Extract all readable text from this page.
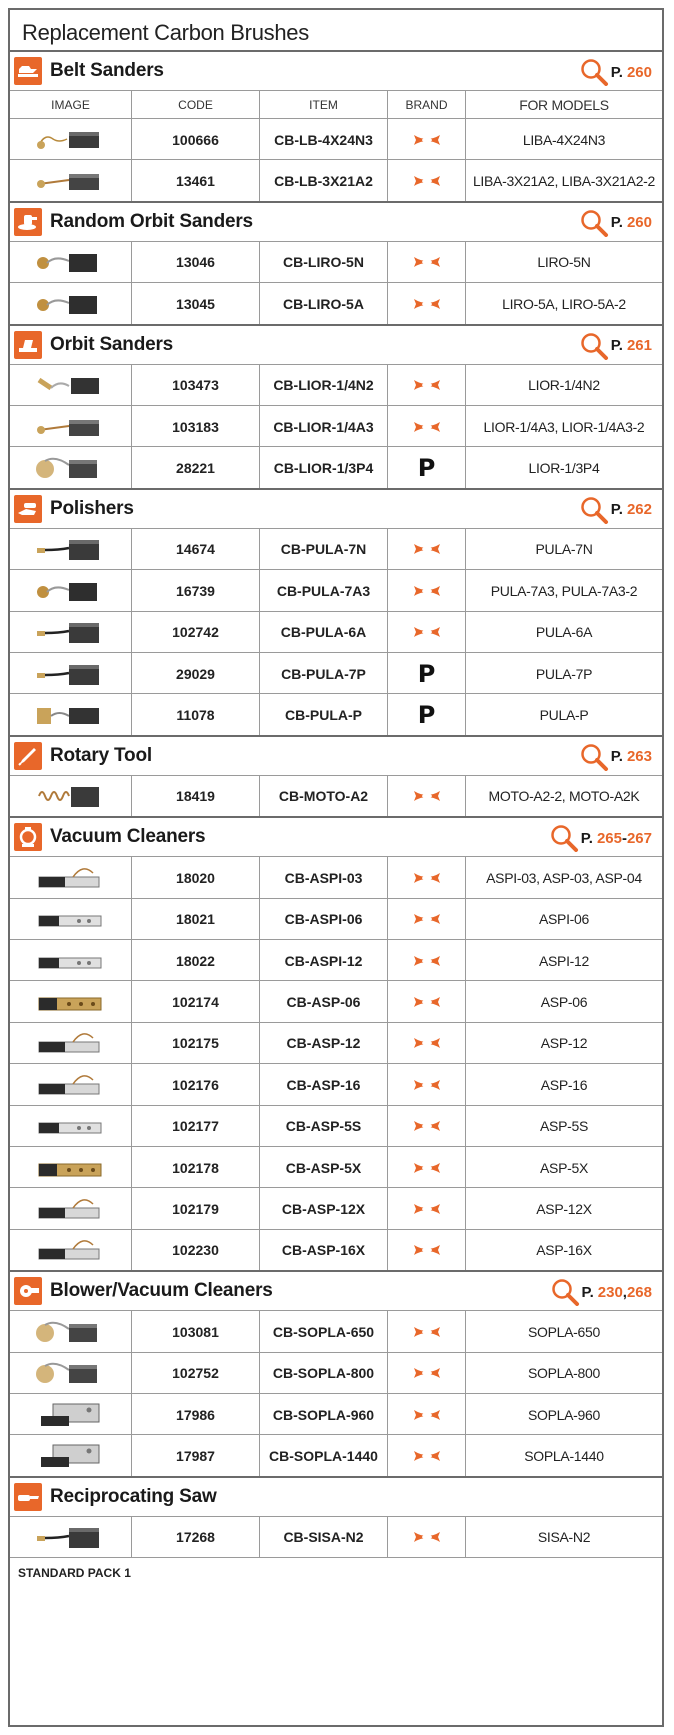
Replacement Carbon Brushes
Belt Sanders	P. 260
IMAGE	CODE	ITEM	BRAND	FOR MODELS
100666	CB-LB-4X24N3	LIBA-4X24N3
13461	CB-LB-3X21A2	LIBA-3X21A2, LIBA-3X21A2-2
Random Orbit Sanders	P. 260
13046	CB-LIRO-5N	LIRO-5N
13045	CB-LIRO-5A	LIRO-5A, LIRO-5A-2
Orbit Sanders	P. 261
103473	CB-LIOR-1/4N2	LIOR-1/4N2
103183	CB-LIOR-1/4A3	LIOR-1/4A3, LIOR-1/4A3-2
28221	CB-LIOR-1/3P4	P	LIOR-1/3P4
Polishers	P. 262
14674	CB-PULA-7N	PULA-7N
16739	CB-PULA-7A3	PULA-7A3, PULA-7A3-2
102742	CB-PULA-6A	PULA-6A
29029	CB-PULA-7P	P	PULA-7P
11078	CB-PULA-P	P	PULA-P
Rotary Tool	P. 263
18419	CB-MOTO-A2	MOTO-A2-2, MOTO-A2K
Vacuum Cleaners	P. 265 - 267
18020	CB-ASPI-03	ASPI-03, ASP-03, ASP-04
18021	CB-ASPI-06	ASPI-06
18022	CB-ASPI-12	ASPI-12
102174	CB-ASP-06	ASP-06
102175	CB-ASP-12	ASP-12
102176	CB-ASP-16	ASP-16
102177	CB-ASP-5S	ASP-5S
102178	CB-ASP-5X	ASP-5X
102179	CB-ASP-12X	ASP-12X
102230	CB-ASP-16X	ASP-16X
Blower/Vacuum Cleaners	P. 230 , 268
103081	CB-SOPLA-650	SOPLA-650
102752	CB-SOPLA-800	SOPLA-800
17986	CB-SOPLA-960	SOPLA-960
17987	CB-SOPLA-1440	SOPLA-1440
Reciprocating Saw
17268	CB-SISA-N2	SISA-N2
STANDARD PACK 1
